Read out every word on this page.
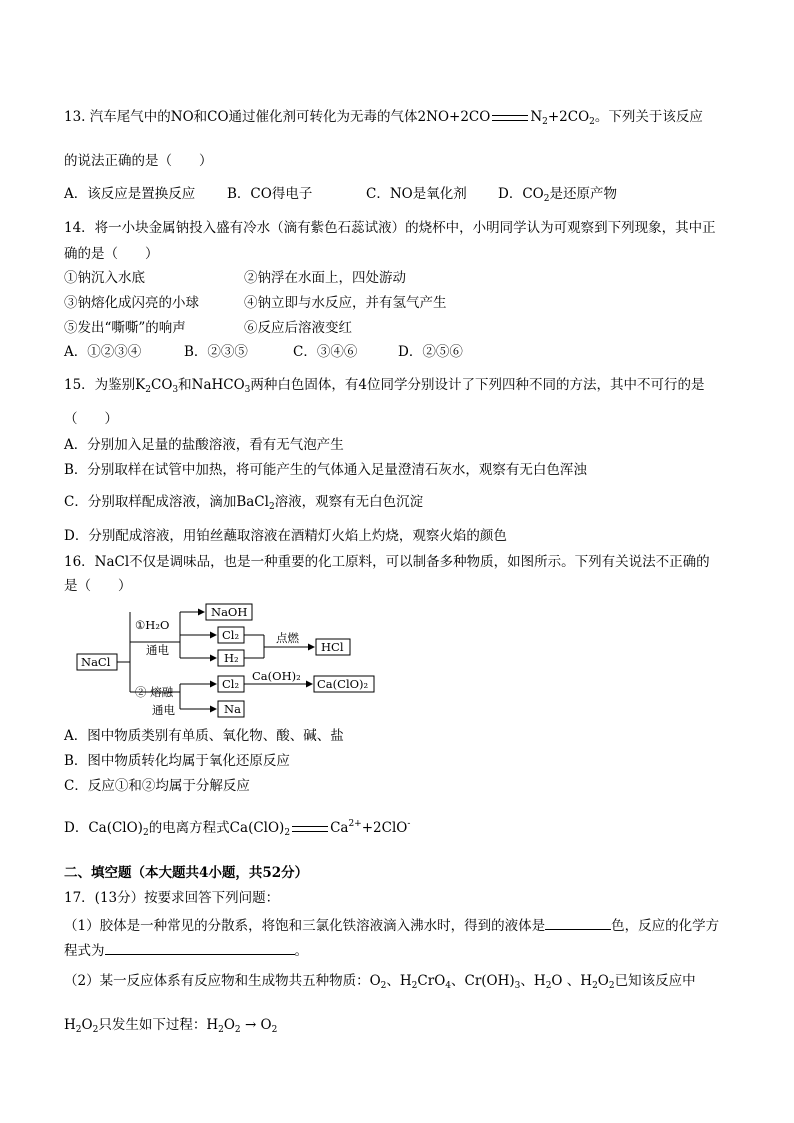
13. 汽车尾气中的NO和CO通过催化剂可转化为无毒的气体2NO+2CO	$N_2+2CO_2$。下列关于该反应
的说法正确的是（　　）
A．该反应是置换反应 B．CO得电子	C．NO是氧化剂 D．$CO_2$是还原产物
14．将一小块金属钠投入盛有冷水（滴有紫色石蕊试液）的烧杯中，小明同学认为可观察到下列现象，其中正
确的是（　　）
①钠沉入水底	②钠浮在水面上，四处游动
③钠熔化成闪亮的小球	④钠立即与水反应，并有氢气产生
⑤发出“嘶嘶”的响声	⑥反应后溶液变红
A．①②③④	B．②③⑤	C．③④⑥	D．②⑤⑥
15．为鉴别$K_2CO_3$和NaHCO$_3$两种白色固体，有4位同学分别设计了下列四种不同的方法，其中不可行的是
（　　）
A．分别加入足量的盐酸溶液，看有无气泡产生
B．分别取样在试管中加热，将可能产生的气体通入足量澄清石灰水，观察有无白色浑浊
C．分别取样配成溶液，滴加BaCl$_2$溶液，观察有无白色沉淀
D．分别配成溶液，用铂丝蘸取溶液在酒精灯火焰上灼烧，观察火焰的颜色
16．NaCl不仅是调味品，也是一种重要的化工原料，可以制备多种物质，如图所示。下列有关说法不正确的
是（　　）
NaCl
①H₂O
通电
NaOH
Cl₂
H₂
点燃
HCl
② 熔融
通电
Cl₂
Na
Ca(OH)₂
Ca(ClO)₂
A．图中物质类别有单质、氧化物、酸、碱、盐
B．图中物质转化均属于氧化还原反应
C．反应①和②均属于分解反应
D．$Ca(ClO)_2$的电离方程式$Ca(ClO)_2$	$Ca^{2+}+2ClO^-$
二、填空题（本大题共4小题，共52分）
17．(13分）按要求回答下列问题：
（1）胶体是一种常见的分散系，将饱和三氯化铁溶液滴入沸水时，得到的液体是	色，反应的化学方
程式为	。
（2）某一反应体系有反应物和生成物共五种物质：$O_2$、$H_2CrO_4$、$Cr(OH)_3$、$H_2O$ 、$H_2O_2$已知该反应中
$H_2O_2$只发生如下过程：$H_2O_2 \to O_2$
